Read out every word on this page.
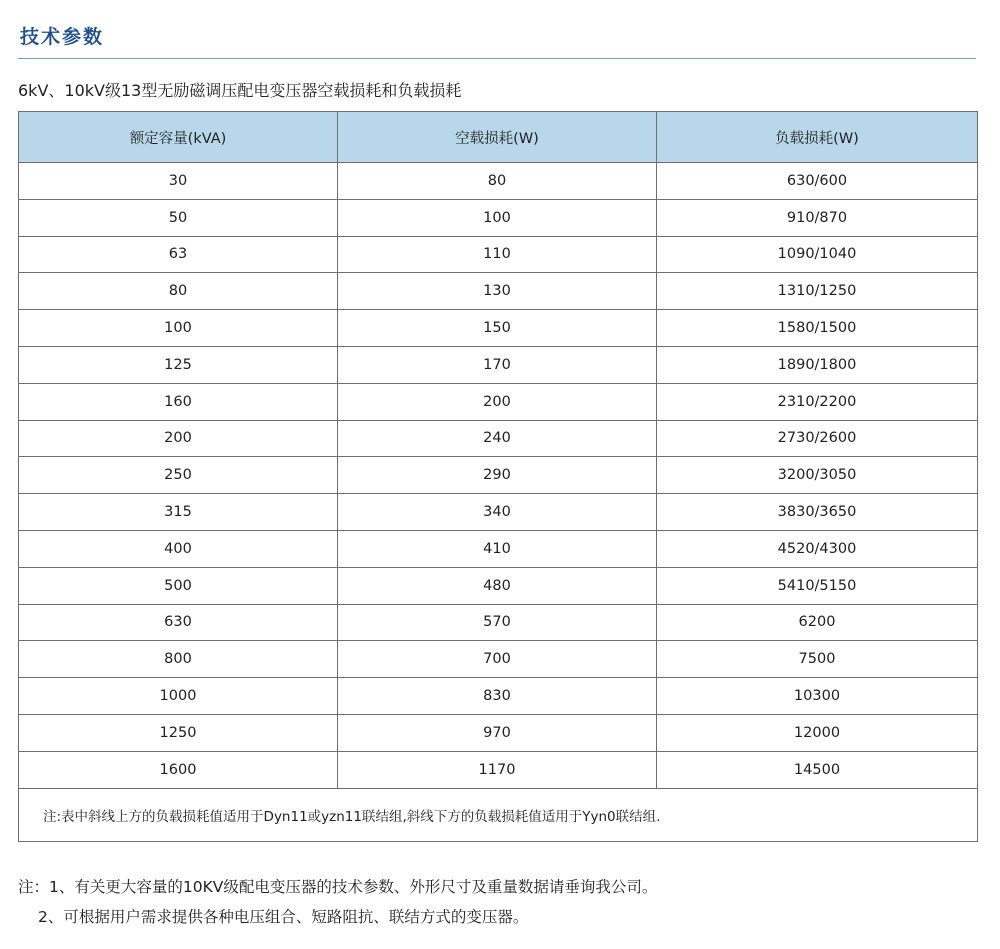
技术参数
6kV、10kV级13型无励磁调压配电变压器空载损耗和负载损耗
额定容量(kVA)	空载损耗(W)	负载损耗(W)
30	80	630/600
50	100	910/870
63	110	1090/1040
80	130	1310/1250
100	150	1580/1500
125	170	1890/1800
160	200	2310/2200
200	240	2730/2600
250	290	3200/3050
315	340	3830/3650
400	410	4520/4300
500	480	5410/5150
630	570	6200
800	700	7500
1000	830	10300
1250	970	12000
1600	1170	14500
注:表中斜线上方的负载损耗值适用于Dyn11或yzn11联结组,斜线下方的负载损耗值适用于Yyn0联结组.		
注：1、有关更大容量的10KV级配电变压器的技术参数、外形尺寸及重量数据请垂询我公司。
2、可根据用户需求提供各种电压组合、短路阻抗、联结方式的变压器。
